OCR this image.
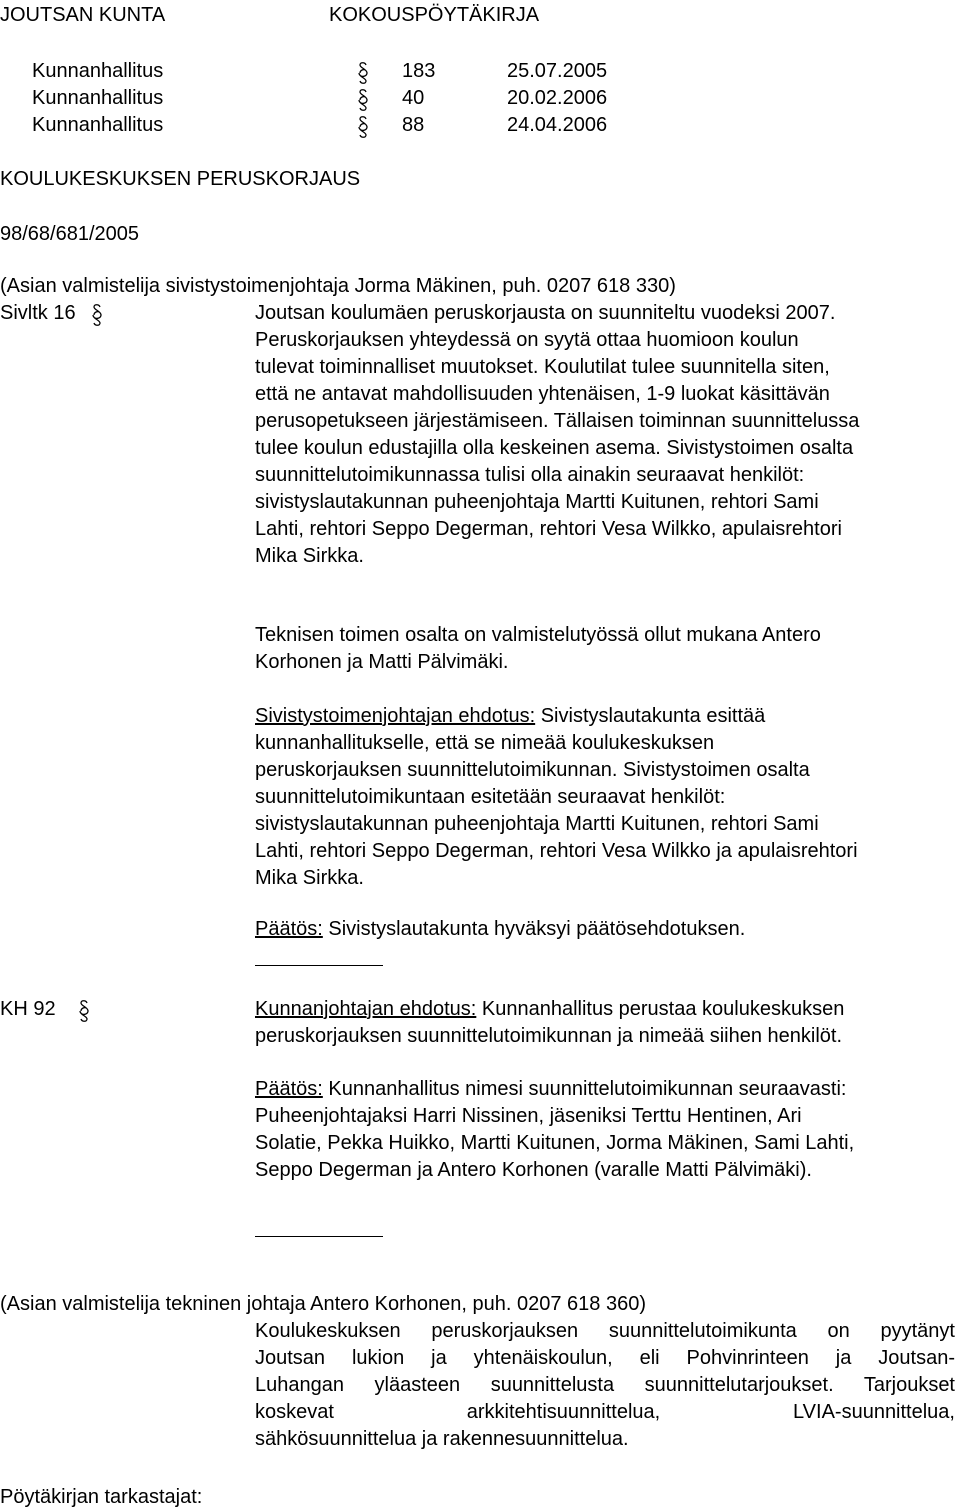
JOUTSAN KUNTA	KOKOUSPÖYTÄKIRJA
Kunnanhallitus	183	25.07.2005
Kunnanhallitus	40	20.02.2006
Kunnanhallitus	88	24.04.2006
KOULUKESKUKSEN PERUSKORJAUS
98/68/681/2005
(Asian valmistelija sivistystoimenjohtaja Jorma Mäkinen, puh. 0207 618 330)
Sivltk 16	Joutsan koulumäen peruskorjausta on suunniteltu vuodeksi 2007.
Peruskorjauksen yhteydessä on syytä ottaa huomioon koulun
tulevat toiminnalliset muutokset. Koulutilat tulee suunnitella siten,
että ne antavat mahdollisuuden yhtenäisen, 1-9 luokat käsittävän
perusopetukseen järjestämiseen. Tällaisen toiminnan suunnittelussa
tulee koulun edustajilla olla keskeinen asema. Sivistystoimen osalta
suunnittelutoimikunnassa tulisi olla ainakin seuraavat henkilöt:
sivistyslautakunnan puheenjohtaja Martti Kuitunen, rehtori Sami
Lahti, rehtori Seppo Degerman, rehtori Vesa Wilkko, apulaisrehtori
Mika Sirkka.
Teknisen toimen osalta on valmistelutyössä ollut mukana Antero
Korhonen ja Matti Pälvimäki.
Sivistystoimenjohtajan ehdotus: Sivistyslautakunta esittää
kunnanhallitukselle, että se nimeää koulukeskuksen
peruskorjauksen suunnittelutoimikunnan. Sivistystoimen osalta
suunnittelutoimikuntaan esitetään seuraavat henkilöt:
sivistyslautakunnan puheenjohtaja Martti Kuitunen, rehtori Sami
Lahti, rehtori Seppo Degerman, rehtori Vesa Wilkko ja apulaisrehtori
Mika Sirkka.
Päätös: Sivistyslautakunta hyväksyi päätösehdotuksen.
KH 92	Kunnanjohtajan ehdotus: Kunnanhallitus perustaa koulukeskuksen
peruskorjauksen suunnittelutoimikunnan ja nimeää siihen henkilöt.
Päätös: Kunnanhallitus nimesi suunnittelutoimikunnan seuraavasti:
Puheenjohtajaksi Harri Nissinen, jäseniksi Terttu Hentinen, Ari
Solatie, Pekka Huikko, Martti Kuitunen, Jorma Mäkinen, Sami Lahti,
Seppo Degerman ja Antero Korhonen (varalle Matti Pälvimäki).
(Asian valmistelija tekninen johtaja Antero Korhonen, puh. 0207 618 360)
Koulukeskuksen peruskorjauksen suunnittelutoimikunta on pyytänyt
Joutsan lukion ja yhtenäiskoulun, eli Pohvinrinteen ja Joutsan-
Luhangan yläasteen suunnittelusta suunnittelutarjoukset. Tarjoukset
koskevat arkkitehtisuunnittelua, LVIA-suunnittelua,
sähkösuunnittelua ja rakennesuunnittelua.
Pöytäkirjan tarkastajat:
